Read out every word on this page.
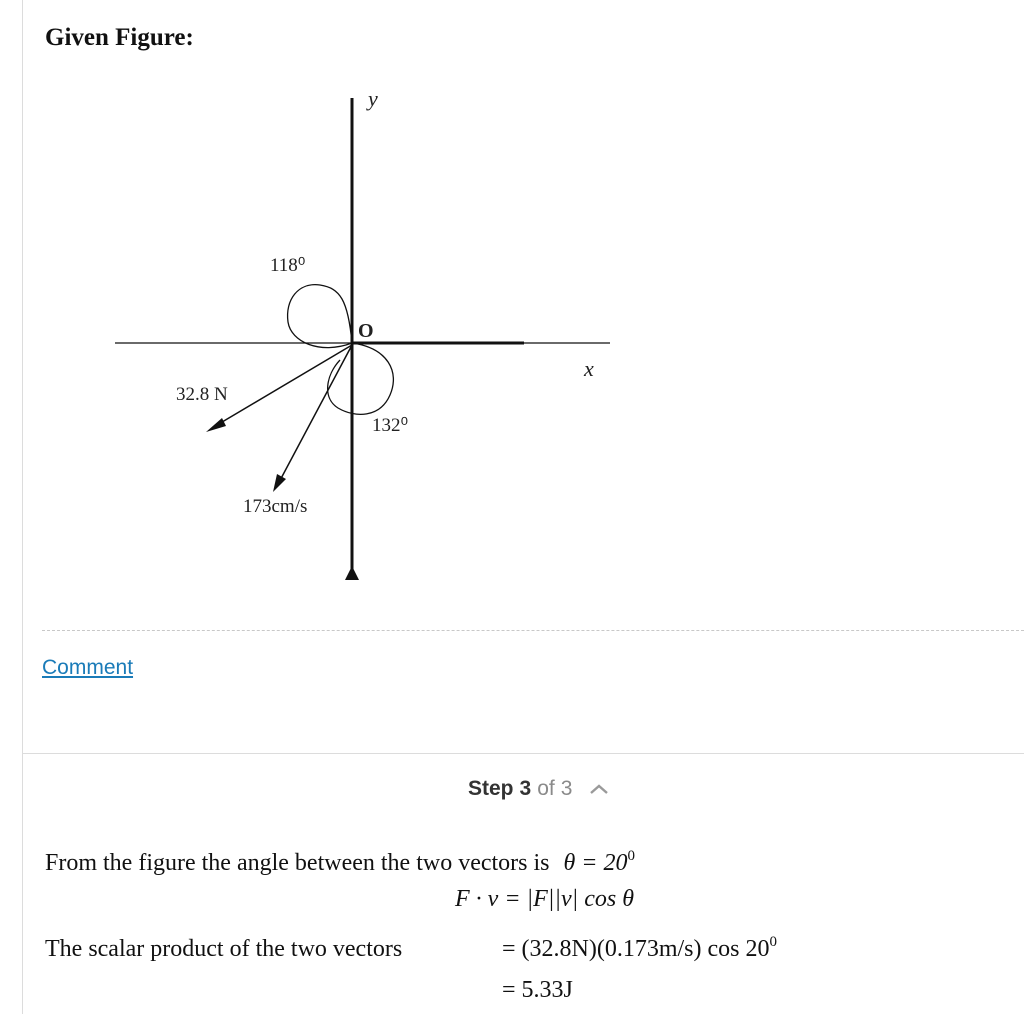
Given Figure:
y
x
O
118⁰
132⁰
32.8 N
173cm/s
Comment
Step 3 of 3
From the figure the angle between the two vectors is $\theta = 20^0$
F · v = |F||v| cos θ
The scalar product of the two vectors	= (32.8N)(0.173m/s) $\cos 20^0$
= 5.33J
